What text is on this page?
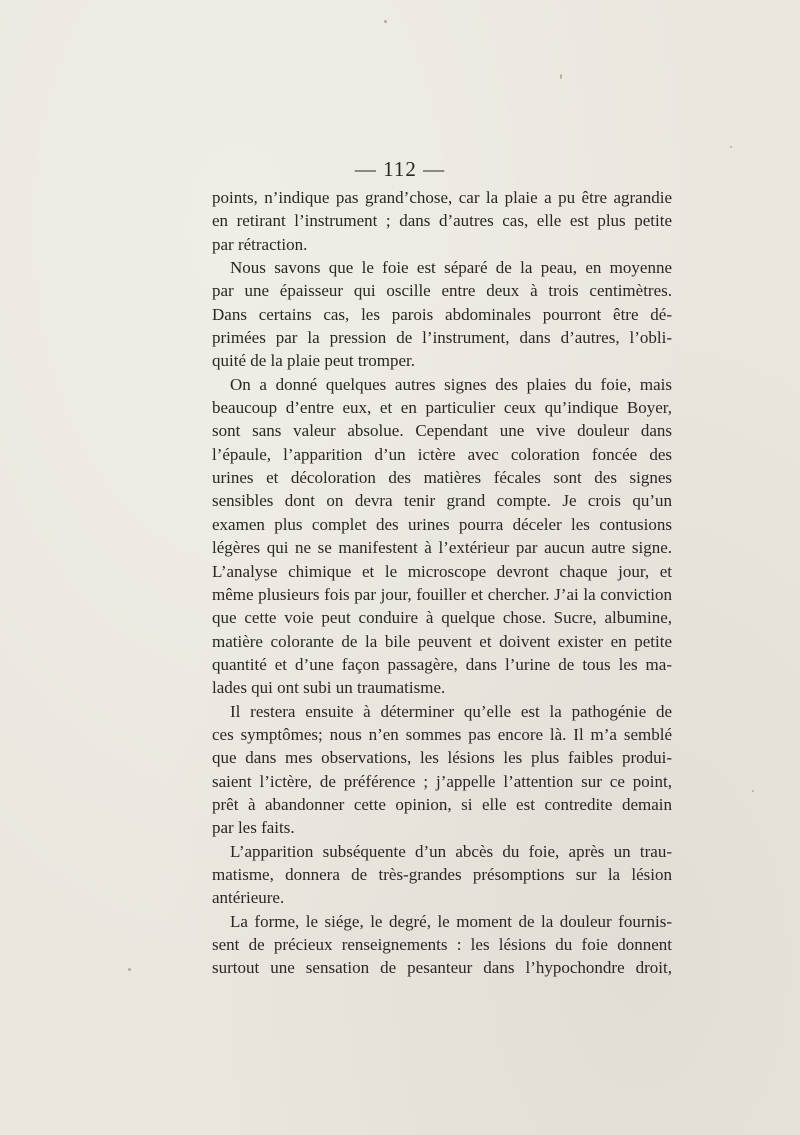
— 112 —
points, n’indique pas grand’chose, car la plaie a pu être agrandie
en retirant l’instrument ; dans d’autres cas, elle est plus petite
par rétraction.
Nous savons que le foie est séparé de la peau, en moyenne
par une épaisseur qui oscille entre deux à trois centimètres.
Dans certains cas, les parois abdominales pourront être dé-
primées par la pression de l’instrument, dans d’autres, l’obli-
quité de la plaie peut tromper.
On a donné quelques autres signes des plaies du foie, mais
beaucoup d’entre eux, et en particulier ceux qu’indique Boyer,
sont sans valeur absolue. Cependant une vive douleur dans
l’épaule, l’apparition d’un ictère avec coloration foncée des
urines et décoloration des matières fécales sont des signes
sensibles dont on devra tenir grand compte. Je crois qu’un
examen plus complet des urines pourra déceler les contusions
légères qui ne se manifestent à l’extérieur par aucun autre signe.
L’analyse chimique et le microscope devront chaque jour, et
même plusieurs fois par jour, fouiller et chercher. J’ai la conviction
que cette voie peut conduire à quelque chose. Sucre, albumine,
matière colorante de la bile peuvent et doivent exister en petite
quantité et d’une façon passagère, dans l’urine de tous les ma-
lades qui ont subi un traumatisme.
Il restera ensuite à déterminer qu’elle est la pathogénie de
ces symptômes; nous n’en sommes pas encore là. Il m’a semblé
que dans mes observations, les lésions les plus faibles produi-
saient l’ictère, de préférence ; j’appelle l’attention sur ce point,
prêt à abandonner cette opinion, si elle est contredite demain
par les faits.
L’apparition subséquente d’un abcès du foie, après un trau-
matisme, donnera de très-grandes présomptions sur la lésion
antérieure.
La forme, le siége, le degré, le moment de la douleur fournis-
sent de précieux renseignements : les lésions du foie donnent
surtout une sensation de pesanteur dans l’hypochondre droit,
